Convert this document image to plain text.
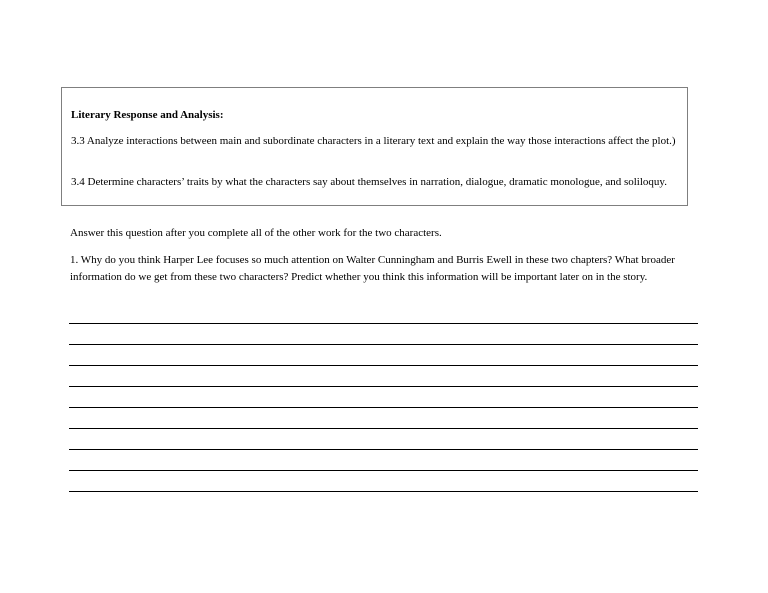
Literary Response and Analysis:

3.3 Analyze interactions between main and subordinate characters in a literary text and explain the way those interactions affect the plot.)

3.4 Determine characters’ traits by what the characters say about themselves in narration, dialogue, dramatic monologue, and soliloquy.

Answer this question after you complete all of the other work for the two characters.

1. Why do you think Harper Lee focuses so much attention on Walter Cunningham and Burris Ewell in these two chapters? What broader information do we get from these two characters? Predict whether you think this information will be important later on in the story.
